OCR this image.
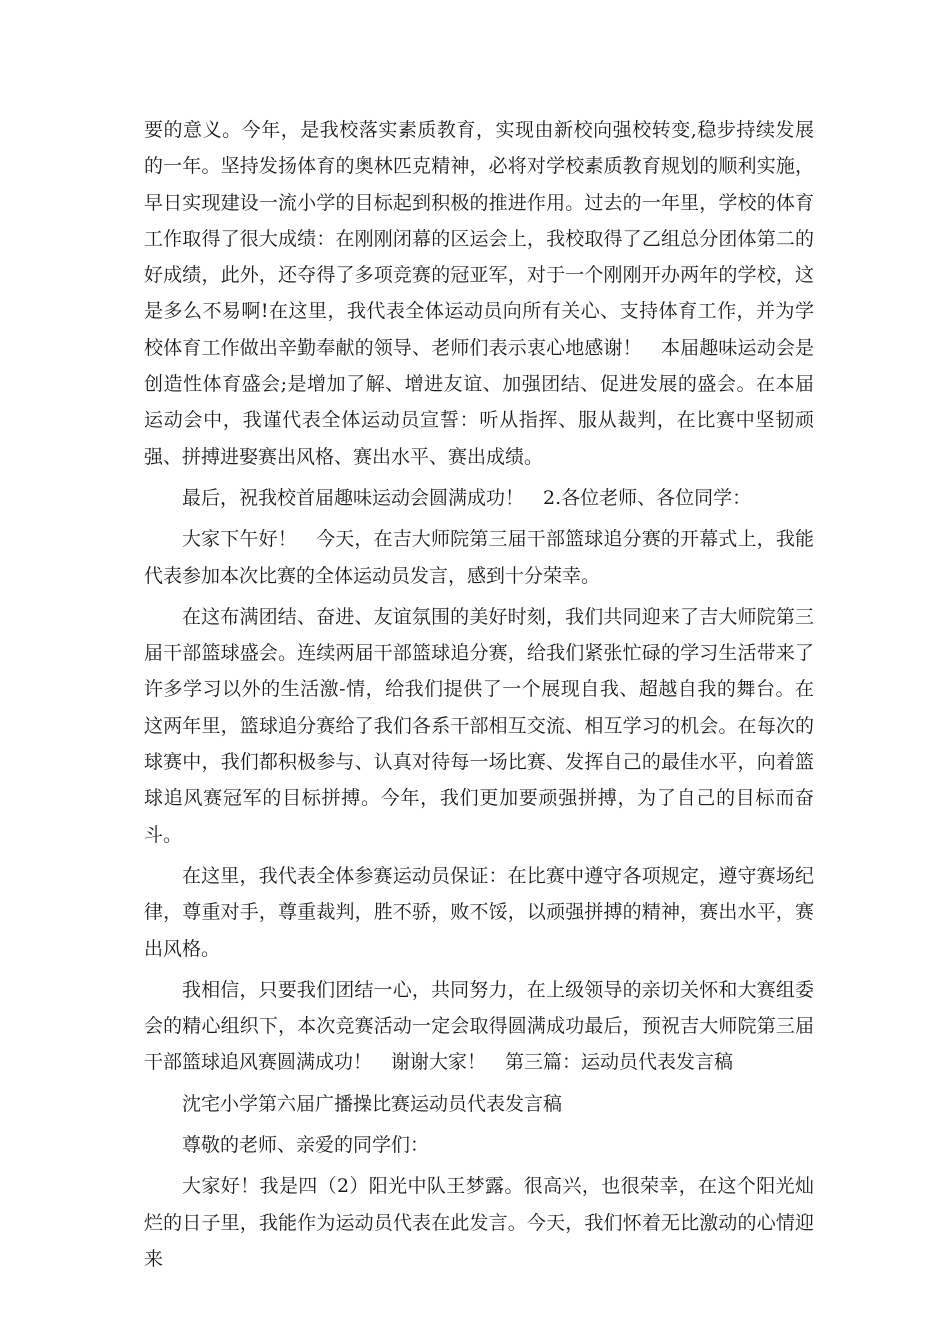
要的意义。今年，是我校落实素质教育，实现由新校向强校转变,稳步持续发展的一年。坚持发扬体育的奥林匹克精神，必将对学校素质教育规划的顺利实施，早日实现建设一流小学的目标起到积极的推进作用。过去的一年里，学校的体育工作取得了很大成绩：在刚刚闭幕的区运会上，我校取得了乙组总分团体第二的好成绩，此外，还夺得了多项竞赛的冠亚军，对于一个刚刚开办两年的学校，这是多么不易啊!在这里，我代表全体运动员向所有关心、支持体育工作，并为学校体育工作做出辛勤奉献的领导、老师们表示衷心地感谢！　本届趣味运动会是创造性体育盛会;是增加了解、增进友谊、加强团结、促进发展的盛会。在本届运动会中，我谨代表全体运动员宣誓：听从指挥、服从裁判，在比赛中坚韧顽强、拼搏进娶赛出风格、赛出水平、赛出成绩。

最后，祝我校首届趣味运动会圆满成功！　2.各位老师、各位同学：

大家下午好！　今天，在吉大师院第三届干部篮球追分赛的开幕式上，我能代表参加本次比赛的全体运动员发言，感到十分荣幸。

在这布满团结、奋进、友谊氛围的美好时刻，我们共同迎来了吉大师院第三届干部篮球盛会。连续两届干部篮球追分赛，给我们紧张忙碌的学习生活带来了许多学习以外的生活激-情，给我们提供了一个展现自我、超越自我的舞台。在这两年里，篮球追分赛给了我们各系干部相互交流、相互学习的机会。在每次的球赛中，我们都积极参与、认真对待每一场比赛、发挥自己的最佳水平，向着篮球追风赛冠军的目标拼搏。今年，我们更加要顽强拼搏，为了自己的目标而奋斗。

在这里，我代表全体参赛运动员保证：在比赛中遵守各项规定，遵守赛场纪律，尊重对手，尊重裁判，胜不骄，败不馁，以顽强拼搏的精神，赛出水平，赛出风格。

我相信，只要我们团结一心，共同努力，在上级领导的亲切关怀和大赛组委会的精心组织下，本次竞赛活动一定会取得圆满成功最后，预祝吉大师院第三届干部篮球追风赛圆满成功！　谢谢大家！　第三篇：运动员代表发言稿

沈宅小学第六届广播操比赛运动员代表发言稿

尊敬的老师、亲爱的同学们：

大家好！我是四（2）阳光中队王梦露。很高兴，也很荣幸，在这个阳光灿烂的日子里，我能作为运动员代表在此发言。今天，我们怀着无比激动的心情迎来
